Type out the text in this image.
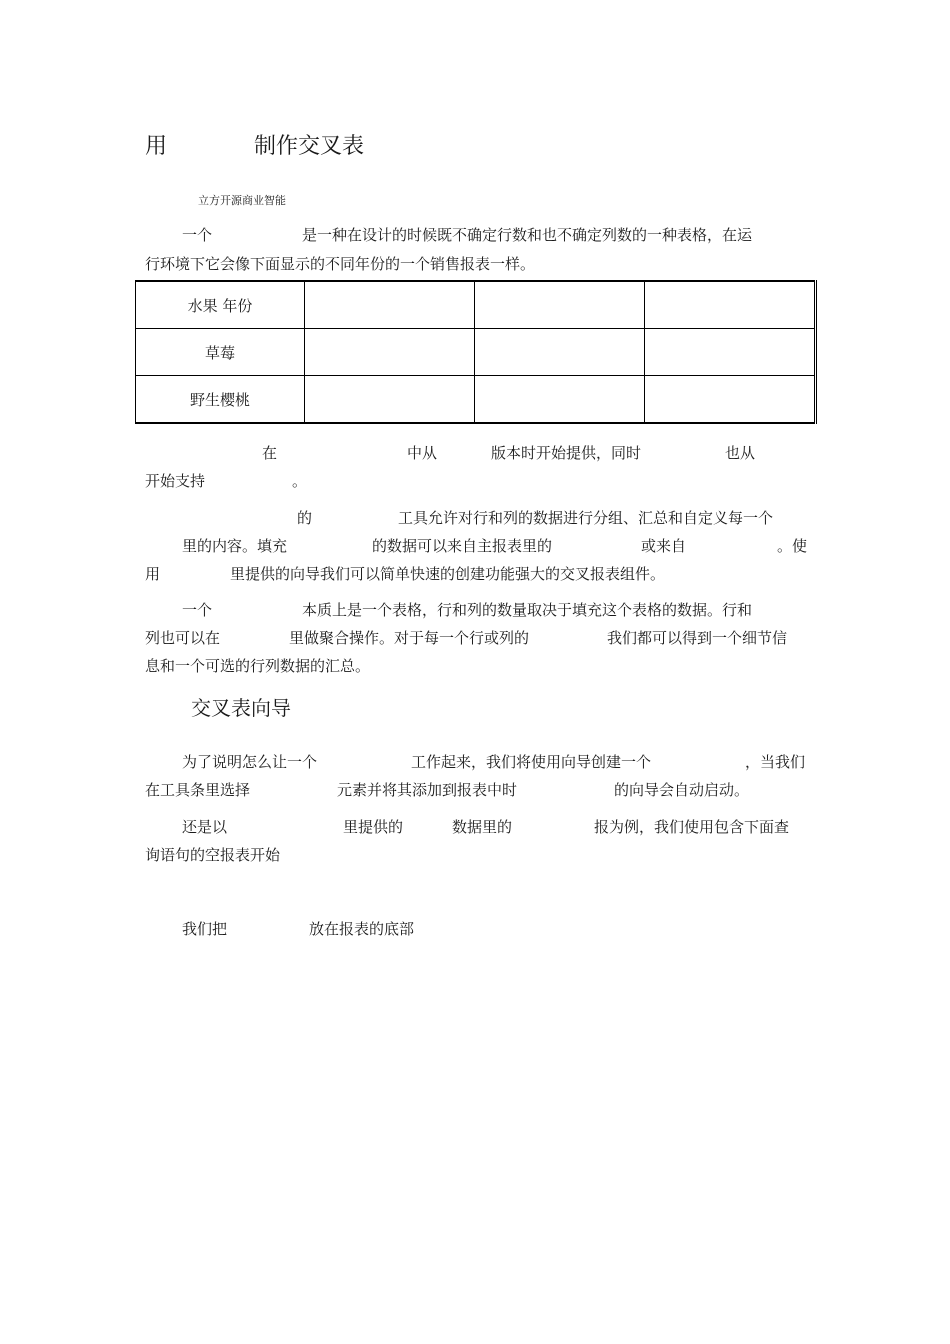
用	制作交叉表
立方开源商业智能
一个	是一种在设计的时候既不确定行数和也不确定列数的一种表格，在运
行环境下它会像下面显示的不同年份的一个销售报表一样。
水果 年份			
草莓			
野生樱桃			
在	中从	版本时开始提供，同时	也从
开始支持	。
的	工具允许对行和列的数据进行分组、汇总和自定义每一个
里的内容。填充	的数据可以来自主报表里的	或来自	。使
用	里提供的向导我们可以简单快速的创建功能强大的交叉报表组件。
一个	本质上是一个表格，行和列的数量取决于填充这个表格的数据。行和
列也可以在	里做聚合操作。对于每一个行或列的	我们都可以得到一个细节信
息和一个可选的行列数据的汇总。
交叉表向导
为了说明怎么让一个	工作起来，我们将使用向导创建一个	，当我们
在工具条里选择	元素并将其添加到报表中时	的向导会自动启动。
还是以	里提供的	数据里的	报为例，我们使用包含下面查
询语句的空报表开始
我们把	放在报表的底部
